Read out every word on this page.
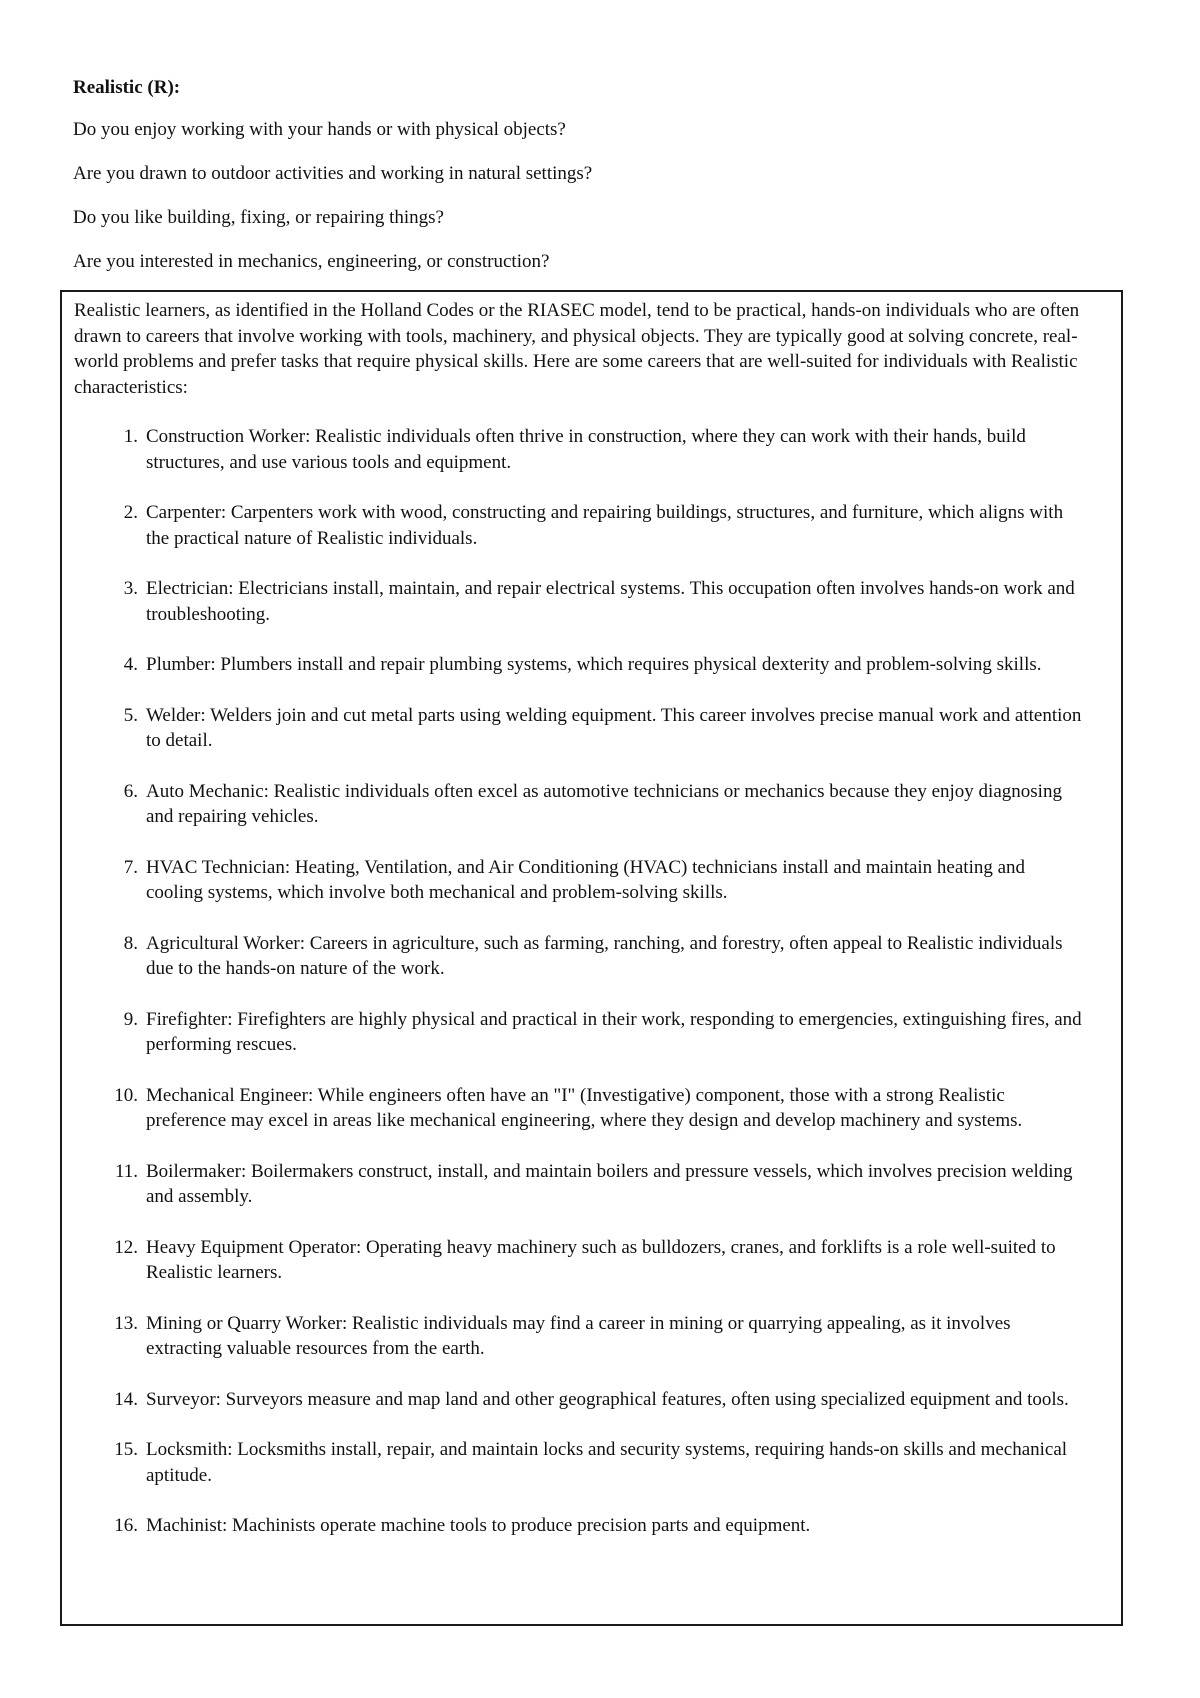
Realistic (R):
Do you enjoy working with your hands or with physical objects?
Are you drawn to outdoor activities and working in natural settings?
Do you like building, fixing, or repairing things?
Are you interested in mechanics, engineering, or construction?
Realistic learners, as identified in the Holland Codes or the RIASEC model, tend to be practical, hands-on individuals who are often drawn to careers that involve working with tools, machinery, and physical objects. They are typically good at solving concrete, real-world problems and prefer tasks that require physical skills. Here are some careers that are well-suited for individuals with Realistic characteristics:
1. Construction Worker: Realistic individuals often thrive in construction, where they can work with their hands, build structures, and use various tools and equipment.
2. Carpenter: Carpenters work with wood, constructing and repairing buildings, structures, and furniture, which aligns with the practical nature of Realistic individuals.
3. Electrician: Electricians install, maintain, and repair electrical systems. This occupation often involves hands-on work and troubleshooting.
4. Plumber: Plumbers install and repair plumbing systems, which requires physical dexterity and problem-solving skills.
5. Welder: Welders join and cut metal parts using welding equipment. This career involves precise manual work and attention to detail.
6. Auto Mechanic: Realistic individuals often excel as automotive technicians or mechanics because they enjoy diagnosing and repairing vehicles.
7. HVAC Technician: Heating, Ventilation, and Air Conditioning (HVAC) technicians install and maintain heating and cooling systems, which involve both mechanical and problem-solving skills.
8. Agricultural Worker: Careers in agriculture, such as farming, ranching, and forestry, often appeal to Realistic individuals due to the hands-on nature of the work.
9. Firefighter: Firefighters are highly physical and practical in their work, responding to emergencies, extinguishing fires, and performing rescues.
10. Mechanical Engineer: While engineers often have an "I" (Investigative) component, those with a strong Realistic preference may excel in areas like mechanical engineering, where they design and develop machinery and systems.
11. Boilermaker: Boilermakers construct, install, and maintain boilers and pressure vessels, which involves precision welding and assembly.
12. Heavy Equipment Operator: Operating heavy machinery such as bulldozers, cranes, and forklifts is a role well-suited to Realistic learners.
13. Mining or Quarry Worker: Realistic individuals may find a career in mining or quarrying appealing, as it involves extracting valuable resources from the earth.
14. Surveyor: Surveyors measure and map land and other geographical features, often using specialized equipment and tools.
15. Locksmith: Locksmiths install, repair, and maintain locks and security systems, requiring hands-on skills and mechanical aptitude.
16. Machinist: Machinists operate machine tools to produce precision parts and equipment.
